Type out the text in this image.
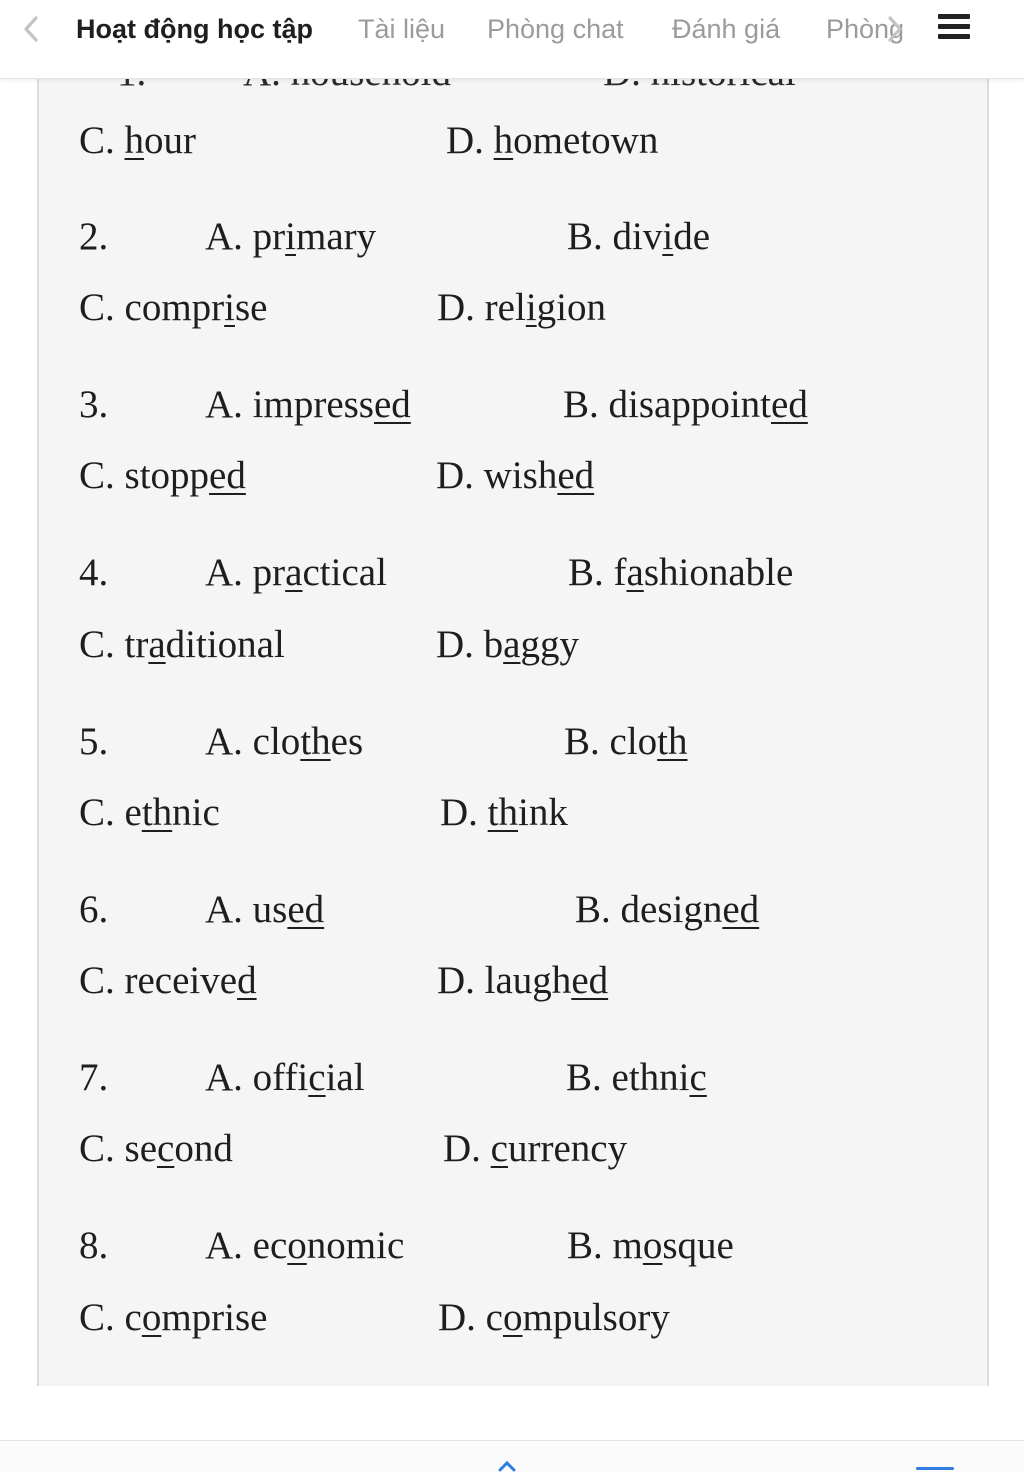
Hoạt động học tập Tài liệu Phòng chat Đánh giá Phòng
C. hour	D. hometown
2. A. primary	B. divide
C. comprise	D. religion
3. A. impressed	B. disappointed
C. stopped	D. wished
4. A. practical	B. fashionable
C. traditional	D. baggy
5. A. clothes	B. cloth
C. ethnic	D. think
6. A. used	B. designed
C. received	D. laughed
7. A. official	B. ethnic
C. second	D. currency
8. A. economic	B. mosque
C. comprise	D. compulsory
